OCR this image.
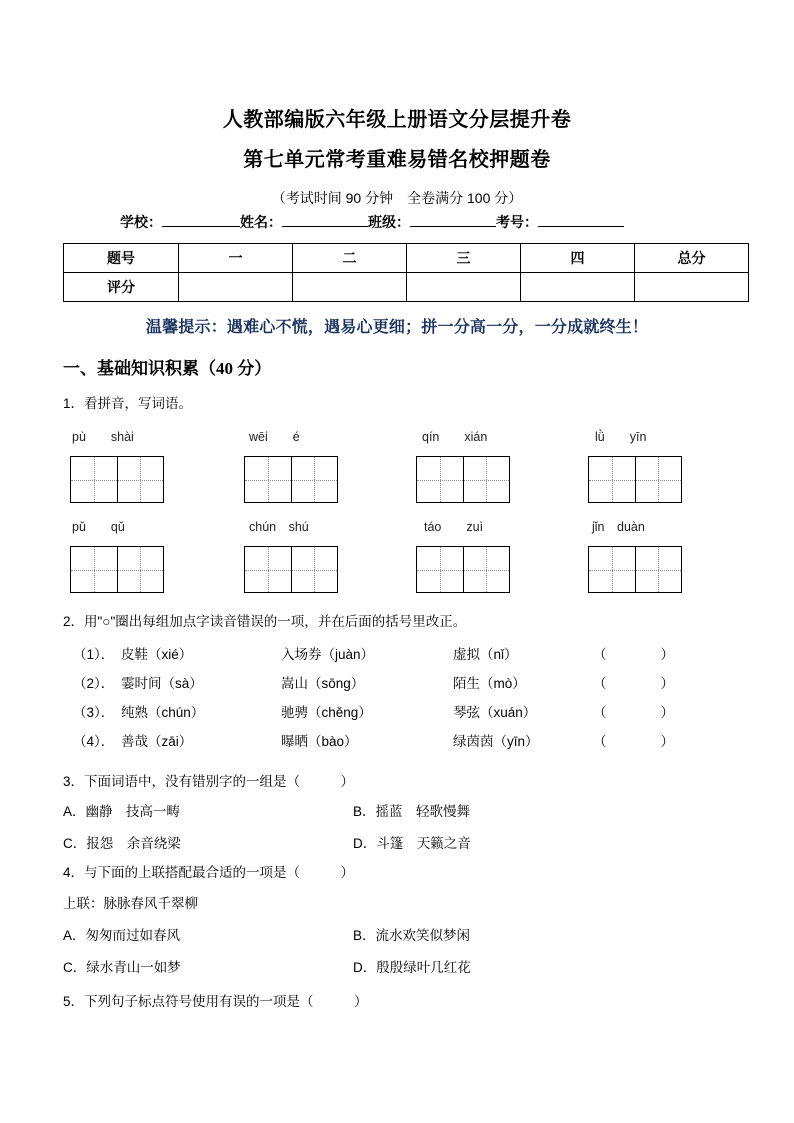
人教部编版六年级上册语文分层提升卷
第七单元常考重难易错名校押题卷
（考试时间 90 分钟　全卷满分 100 分）
学校：	姓名：	班级：	考号：
题号	一	二	三	四	总分
评分					
温馨提示：遇难心不慌，遇易心更细；拼一分高一分，一分成就终生！
一、基础知识积累（40 分）
1．看拼音，写词语。
pù　　shài	wēi　　é	qín　　xián	lǜ　　yīn
pǔ　　qǔ	chún　shú	táo　　zuì	jǐn　duàn
2．用"○"圈出每组加点字读音错误的一项，并在后面的括号里改正。
（1）． 皮鞋（xié）	入场券（juàn）	虚拟（nǐ）	（　　　　）
（2）． 霎时间（sà）	嵩山（sōng）	陌生（mò）	（　　　　）
（3）． 纯熟（chún）	驰骋（chěng）	琴弦（xuán）	（　　　　）
（4）． 善哉（zāi）	曝晒（bào）	绿茵茵（yīn）	（　　　　）
3．下面词语中，没有错别字的一组是（　　　）
A．幽静　技高一畴	B．摇蓝　轻歌慢舞
C．报怨　余音绕梁	D．斗篷　天籁之音
4．与下面的上联搭配最合适的一项是（　　　）
上联：脉脉春风千翠柳
A．匆匆而过如春风	B．流水欢笑似梦闲
C．绿水青山一如梦	D．殷殷绿叶几红花
5．下列句子标点符号使用有误的一项是（　　　）
